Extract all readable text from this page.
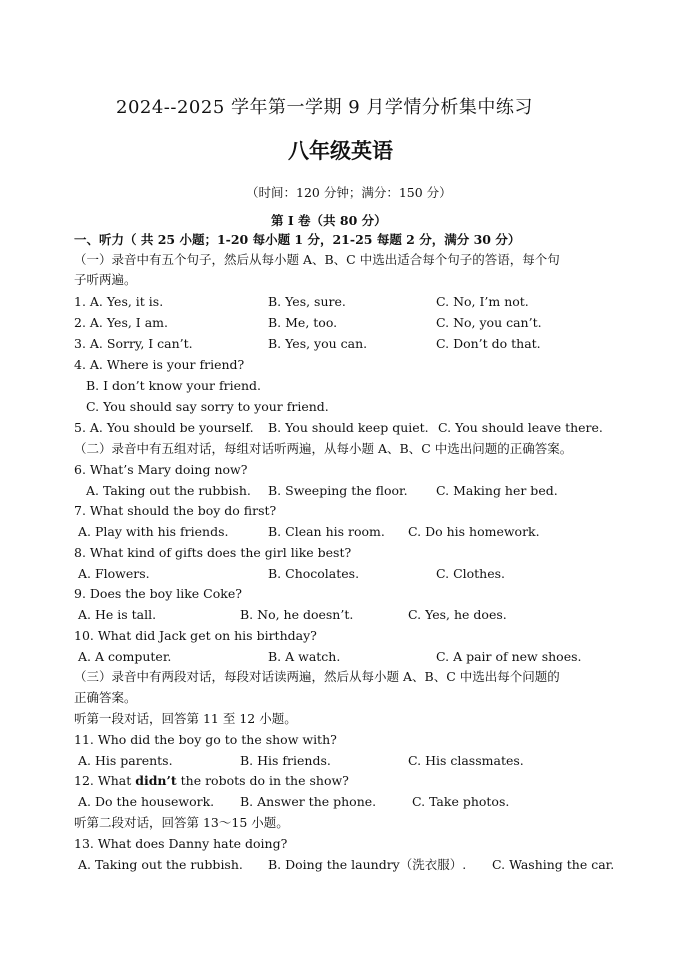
2024--2025 学年第一学期 9 月学情分析集中练习
八年级英语
（时间：120 分钟；满分：150 分）
第 I 卷（共 80 分）
一、听力（ 共 25 小题；1-20 每小题 1 分，21-25 每题 2 分，满分 30 分）
（一）录音中有五个句子，然后从每小题 A、B、C 中选出适合每个句子的答语，每个句
子听两遍。
1. A. Yes, it is.	B. Yes, sure.	C. No, I’m not.
2. A. Yes, I am.	B. Me, too.	C. No, you can’t.
3. A. Sorry, I can’t.	B. Yes, you can.	C. Don’t do that.
4. A. Where is your friend?
B. I don’t know your friend.
C. You should say sorry to your friend.
5. A. You should be yourself. B. You should keep quiet. C. You should leave there.
（二）录音中有五组对话，每组对话听两遍，从每小题 A、B、C 中选出问题的正确答案。
6. What’s Mary doing now?
A. Taking out the rubbish. B. Sweeping the floor. C. Making her bed.
7. What should the boy do first?
A. Play with his friends.	B. Clean his room. C. Do his homework.
8. What kind of gifts does the girl like best?
A. Flowers.	B. Chocolates.	C. Clothes.
9. Does the boy like Coke?
A. He is tall.	B. No, he doesn’t.	C. Yes, he does.
10. What did Jack get on his birthday?
A. A computer.	B. A watch.	C. A pair of new shoes.
（三）录音中有两段对话，每段对话读两遍，然后从每小题 A、B、C 中选出每个问题的
正确答案。
听第一段对话，回答第 11 至 12 小题。
11. Who did the boy go to the show with?
A. His parents.	B. His friends.	C. His classmates.
12. What didn’t the robots do in the show?
A. Do the housework. B. Answer the phone.	C. Take photos.
听第二段对话，回答第 13～15 小题。
13. What does Danny hate doing?
A. Taking out the rubbish. B. Doing the laundry（洗衣服）. C. Washing the car.
